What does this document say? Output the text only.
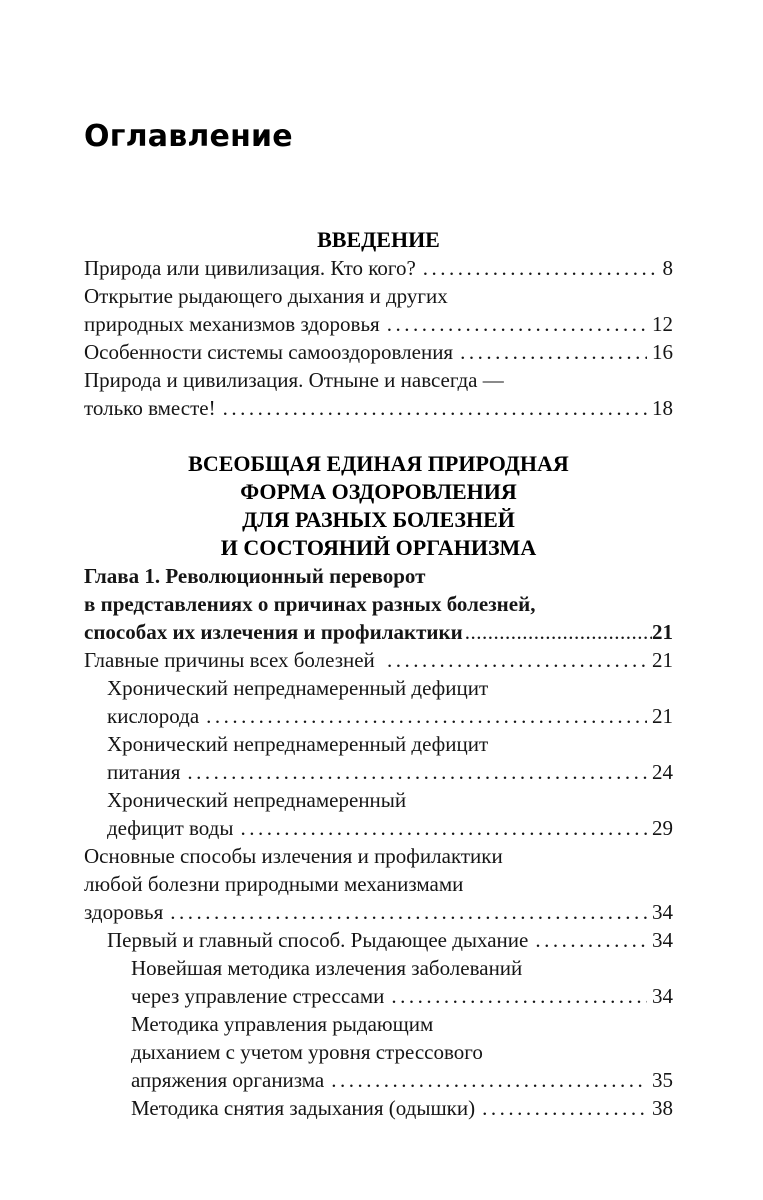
Оглавление
ВВЕДЕНИЕ
Природа или цивилизация. Кто кого? .....	8
Открытие рыдающего дыхания и других
природных механизмов здоровья .....	12
Особенности системы самооздоровления .....	16
Природа и цивилизация. Отныне и навсегда —
только вместе! .....	18
ВСЕОБЩАЯ ЕДИНАЯ ПРИРОДНАЯ
ФОРМА ОЗДОРОВЛЕНИЯ
ДЛЯ РАЗНЫХ БОЛЕЗНЕЙ
И СОСТОЯНИЙ ОРГАНИЗМА
Глава 1. Революционный переворот
в представлениях о причинах разных болезней,
способах их излечения и профилактики .....	21
Главные причины всех болезней .....	21
Хронический непреднамеренный дефицит
кислорода .....	21
Хронический непреднамеренный дефицит
питания .....	24
Хронический непреднамеренный
дефицит воды .....	29
Основные способы излечения и профилактики
любой болезни природными механизмами
здоровья .....	34
Первый и главный способ. Рыдающее дыхание .....	34
Новейшая методика излечения заболеваний
через управление стрессами .....	34
Методика управления рыдающим
дыханием с учетом уровня стрессового
апряжения организма .....	35
Методика снятия задыхания (одышки) .....	38
